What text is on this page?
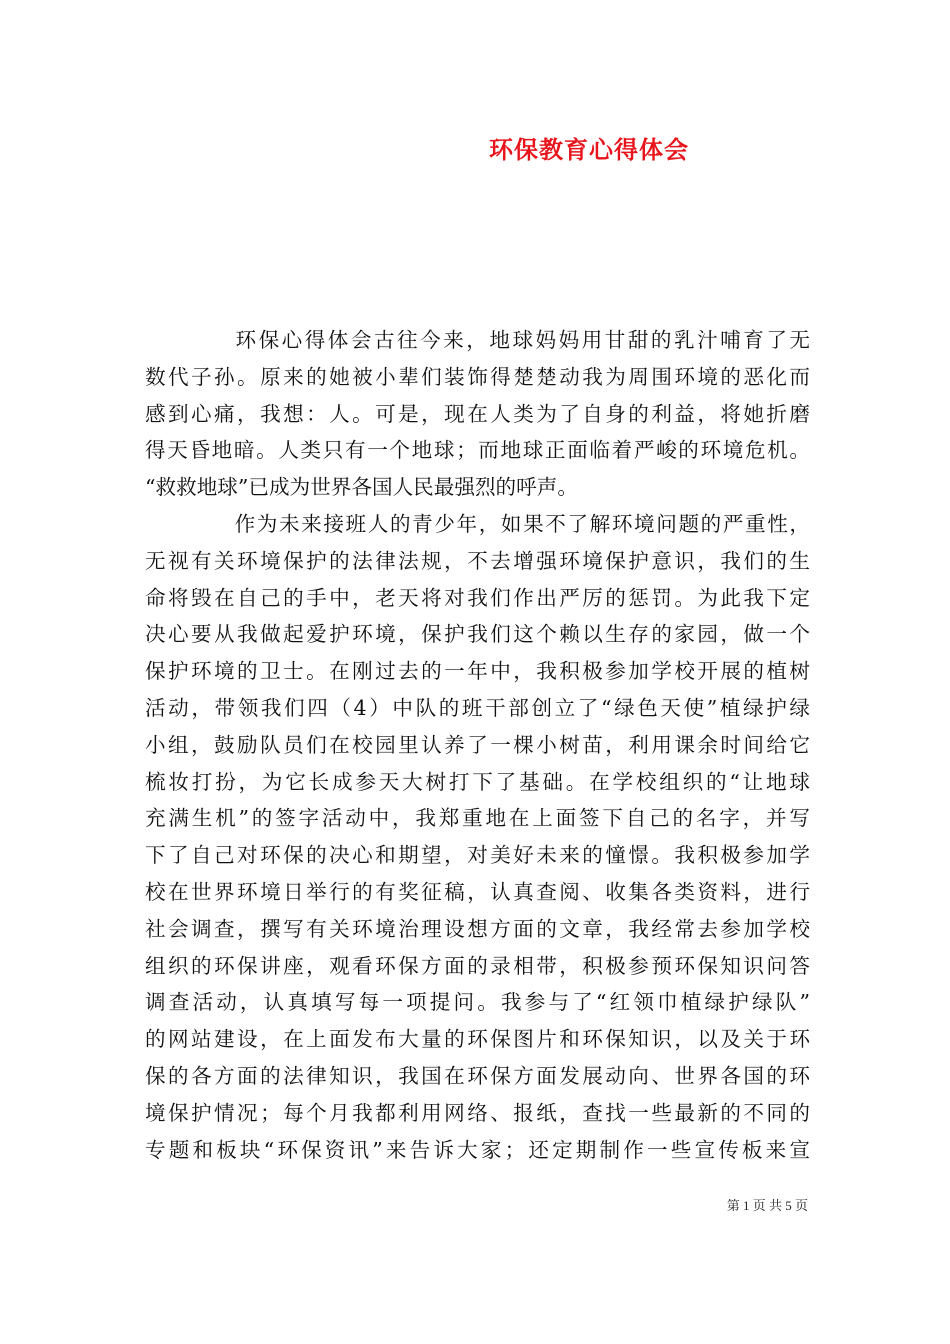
环保教育心得体会
环保心得体会古往今来，地球妈妈用甘甜的乳汁哺育了无
数代子孙。原来的她被小辈们装饰得楚楚动我为周围环境的恶化而
感到心痛，我想：人。可是，现在人类为了自身的利益，将她折磨
得天昏地暗。人类只有一个地球；而地球正面临着严峻的环境危机。
“救救地球”已成为世界各国人民最强烈的呼声。
作为未来接班人的青少年，如果不了解环境问题的严重性，
无视有关环境保护的法律法规，不去增强环境保护意识，我们的生
命将毁在自己的手中，老天将对我们作出严厉的惩罚。为此我下定
决心要从我做起爱护环境，保护我们这个赖以生存的家园，做一个
保护环境的卫士。在刚过去的一年中，我积极参加学校开展的植树
活动，带领我们四（4）中队的班干部创立了“绿色天使”植绿护绿
小组，鼓励队员们在校园里认养了一棵小树苗，利用课余时间给它
梳妆打扮，为它长成参天大树打下了基础。在学校组织的“让地球
充满生机”的签字活动中，我郑重地在上面签下自己的名字，并写
下了自己对环保的决心和期望，对美好未来的憧憬。我积极参加学
校在世界环境日举行的有奖征稿，认真查阅、收集各类资料，进行
社会调查，撰写有关环境治理设想方面的文章，我经常去参加学校
组织的环保讲座，观看环保方面的录相带，积极参预环保知识问答
调查活动，认真填写每一项提问。我参与了“红领巾植绿护绿队”
的网站建设，在上面发布大量的环保图片和环保知识，以及关于环
保的各方面的法律知识，我国在环保方面发展动向、世界各国的环
境保护情况；每个月我都利用网络、报纸，查找一些最新的不同的
专题和板块“环保资讯”来告诉大家；还定期制作一些宣传板来宣
第 1 页 共 5 页
